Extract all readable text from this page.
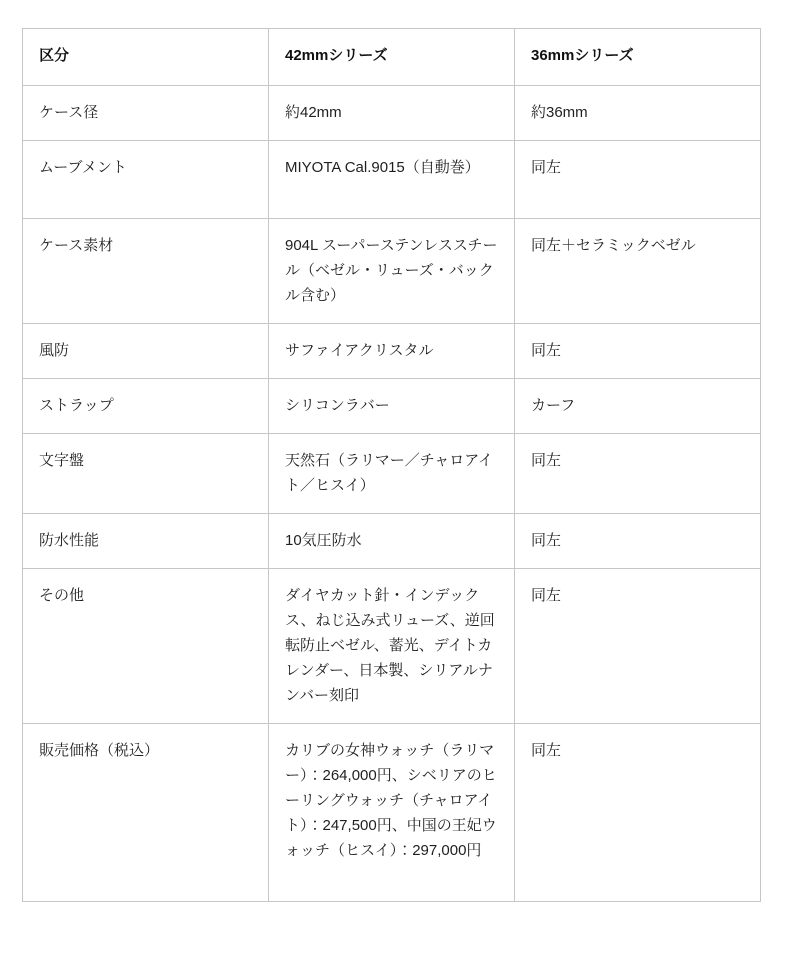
区分	42mmシリーズ	36mmシリーズ
ケース径	約42mm	約36mm
ムーブメント	MIYOTA Cal.9015（自動巻）	同左
ケース素材	904L スーパーステンレススチール（ベゼル・リューズ・バックル含む）	同左＋セラミックベゼル
風防	サファイアクリスタル	同左
ストラップ	シリコンラバー	カーフ
文字盤	天然石（ラリマー／チャロアイト／ヒスイ）	同左
防水性能	10気圧防水	同左
その他	ダイヤカット針・インデックス、ねじ込み式リューズ、逆回転防止ベゼル、蓄光、デイトカレンダー、日本製、シリアルナンバー刻印	同左
販売価格（税込）	カリブの女神ウォッチ（ラリマー）：264,000円、シベリアのヒーリングウォッチ（チャロアイト）：247,500円、中国の王妃ウォッチ（ヒスイ）：297,000円	同左
